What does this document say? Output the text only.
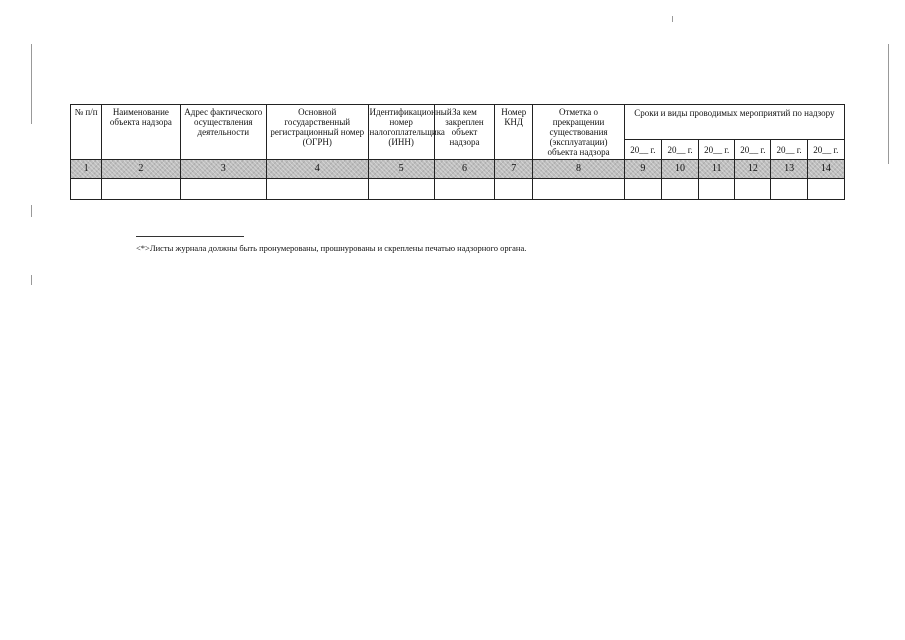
№ п/п	Наименование объекта надзора	Адрес фактического осуществления деятельности	Основной государственный регистрационный номер (ОГРН)	Идентификационный номер налогоплательщика (ИНН)	За кем закреплен объект надзора	Номер КНД	Отметка о прекращении существования (эксплуатации) объекта надзора	Сроки и виды проводимых мероприятий по надзору					
								20__ г.	20__ г.	20__ г.	20__ г.	20__ г.	20__ г.
1	2	3	4	5	6	7	8	9	10	11	12	13	14

<*>Листы журнала должны быть пронумерованы, прошнурованы и скреплены печатью надзорного органа.
